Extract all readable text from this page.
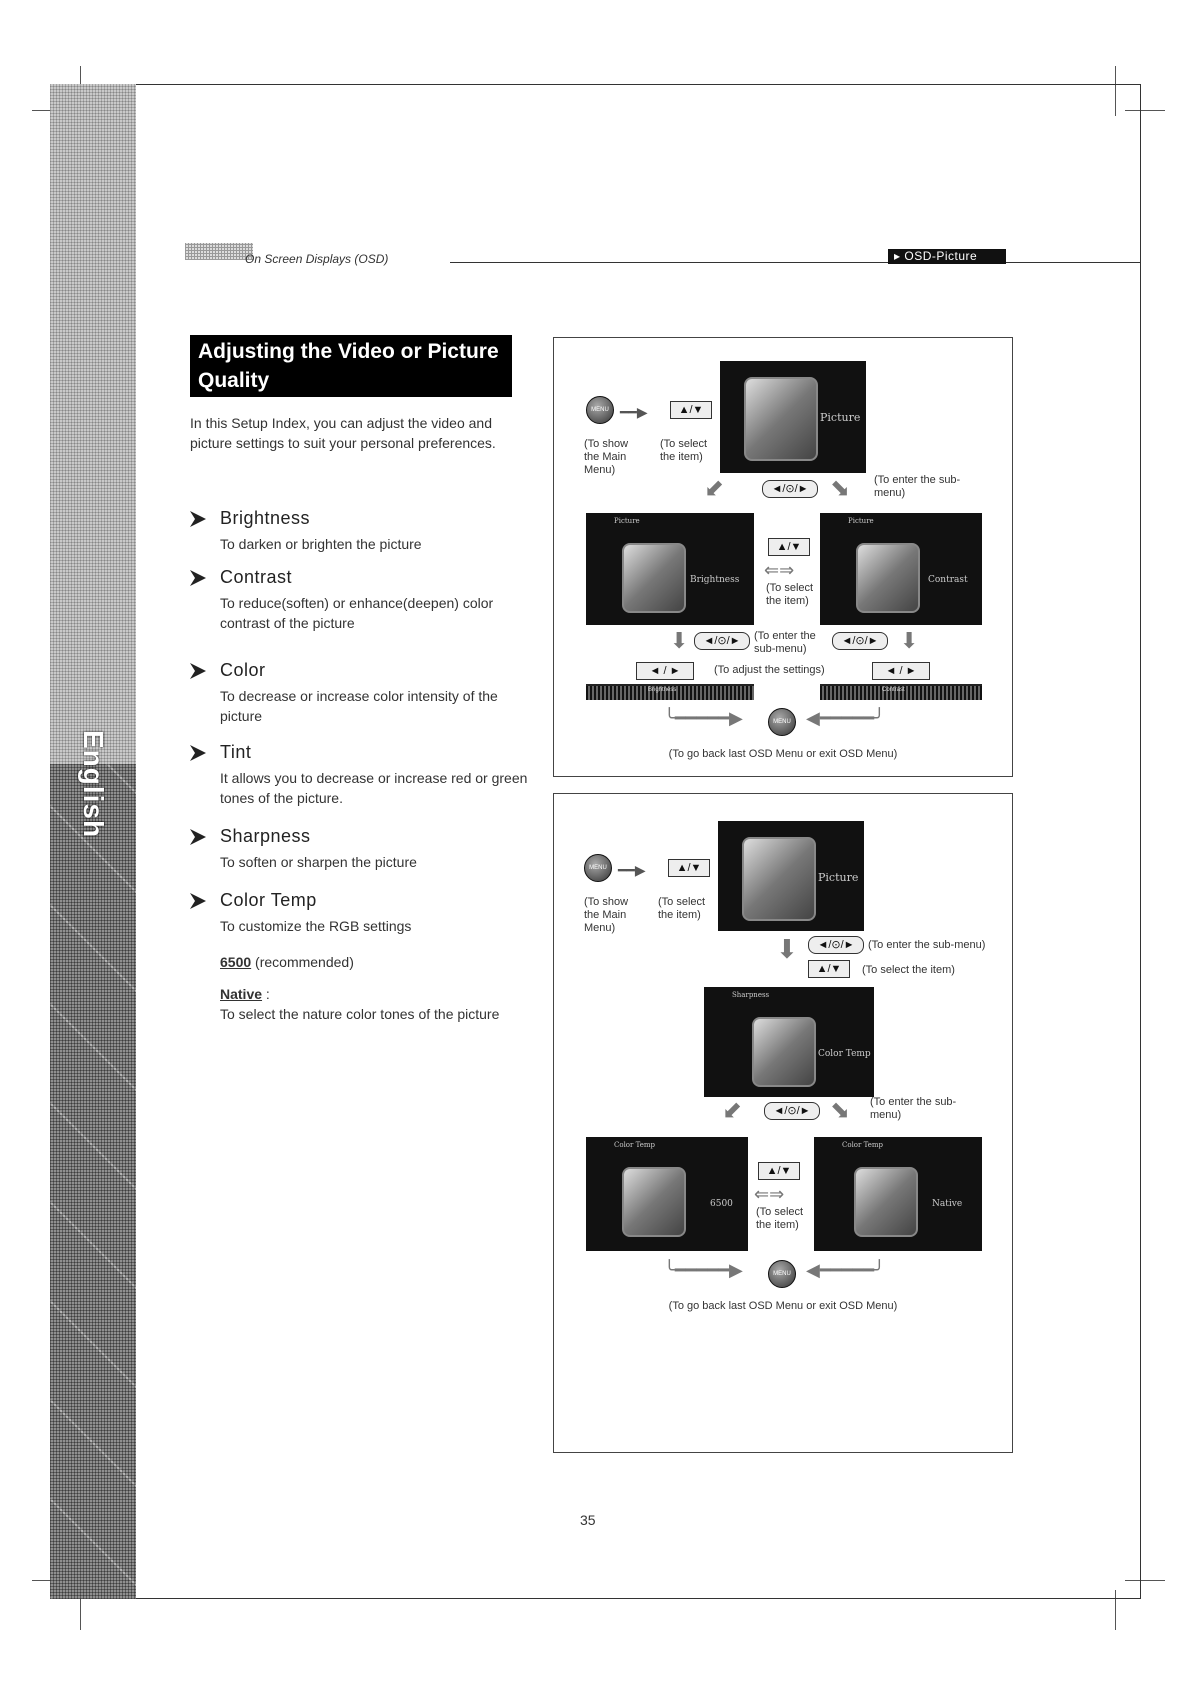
English
On Screen Displays (OSD)	▸ OSD-Picture
Adjusting the Video or Picture Quality
In this Setup Index, you can adjust the video and picture settings to suit your personal preferences.
Brightness
To darken or brighten the picture
Contrast
To reduce(soften) or enhance(deepen) color contrast of the picture
Color
To decrease or increase color intensity of the picture
Tint
It allows you to decrease or increase red or green tones of the picture.
Sharpness
To soften or sharpen the picture
Color Temp
To customize the RGB settings
6500 (recommended)
Native :
To select the nature color tones of the picture
MENU ━━▶	▲/▼
(To show the Main Menu)
(To select the item)
Picture
◄/⊙/►
(To enter the sub-menu)
⬋	⬊
Brightness
Picture
▲/▼
⇐⇒
(To select the item)
Contrast
Picture
⬇	◄/⊙/►	(To enter the sub-menu)
◄/⊙/► ⬇
◄ / ►	(To adjust the settings)	◄ / ►
Brightness	Contrast
╰━━━━━▶	MENU ◀━━━━━╯
(To go back last OSD Menu or exit OSD Menu)
MENU ━━▶	▲/▼
(To show the Main Menu)
(To select the item)
Picture
⬇	◄/⊙/►	(To enter the sub-menu)
▲/▼	(To select the item)
Color Temp
Sharpness
⬋	◄/⊙/► ⬊ (To enter the sub-menu)
6500
Color Temp
▲/▼
⇐⇒
(To select the item)
Native
Color Temp
╰━━━━━▶	MENU ◀━━━━━╯
(To go back last OSD Menu or exit OSD Menu)
35
